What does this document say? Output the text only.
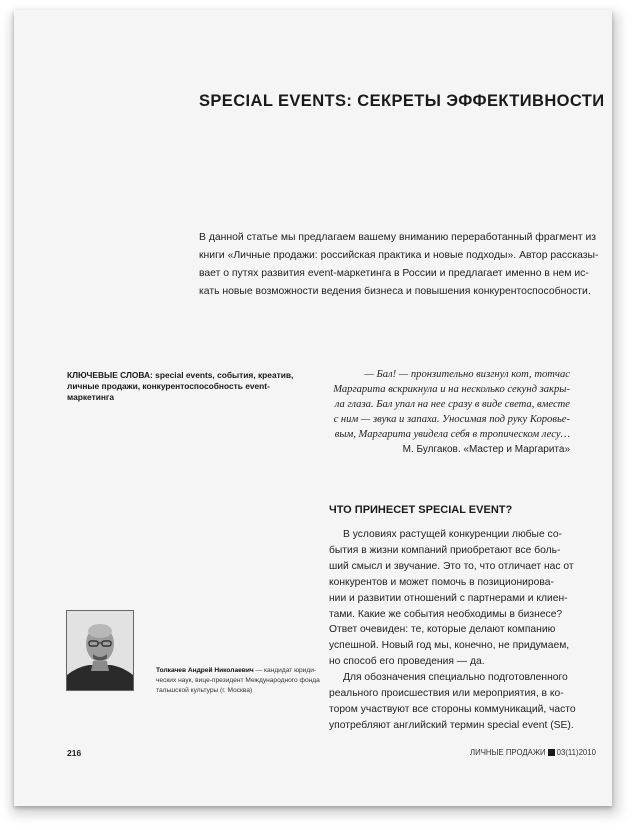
SPECIAL EVENTS: СЕКРЕТЫ ЭФФЕКТИВНОСТИ

В данной статье мы предлагаем вашему вниманию переработанный фрагмент из
книги «Личные продажи: российская практика и новые подходы». Автор рассказы-
вает о путях развития event-маркетинга в России и предлагает именно в нем ис-
кать новые возможности ведения бизнеса и повышения конкурентоспособности.

КЛЮЧЕВЫЕ СЛОВА: special events, события, креатив, личные продажи, конкурентоспособность event-маркетинга
— Бал! — пронзительно визгнул кот, тотчас
Маргарита вскрикнула и на несколько секунд закры-
ла глаза. Бал упал на нее сразу в виде света, вместе
с ним — звука и запаха. Уносимая под руку Коровье-
вым, Маргарита увидела себя в тропическом лесу…
М. Булгаков. «Мастер и Маргарита»
ЧТО ПРИНЕСЕТ SPECIAL EVENT?
В условиях растущей конкуренции любые со-
бытия в жизни компаний приобретают все боль-
ший смысл и звучание. Это то, что отличает нас от
конкурентов и может помочь в позиционирова-
нии и развитии отношений с партнерами и клиен-
тами. Какие же события необходимы в бизнесе?
Ответ очевиден: те, которые делают компанию
успешной. Новый год мы, конечно, не придумаем,
но способ его проведения — да.
Для обозначения специально подготовленного
реального происшествия или мероприятия, в ко-
тором участвуют все стороны коммуникаций, часто
употребляют английский термин special event (SE).
Толкачев Андрей Николаевич — кандидат юриди-
ческих наук, вице-президент Международного фонда
тальшской культуры (г. Москва)
216	ЛИЧНЫЕ ПРОДАЖИ 03(11)2010
